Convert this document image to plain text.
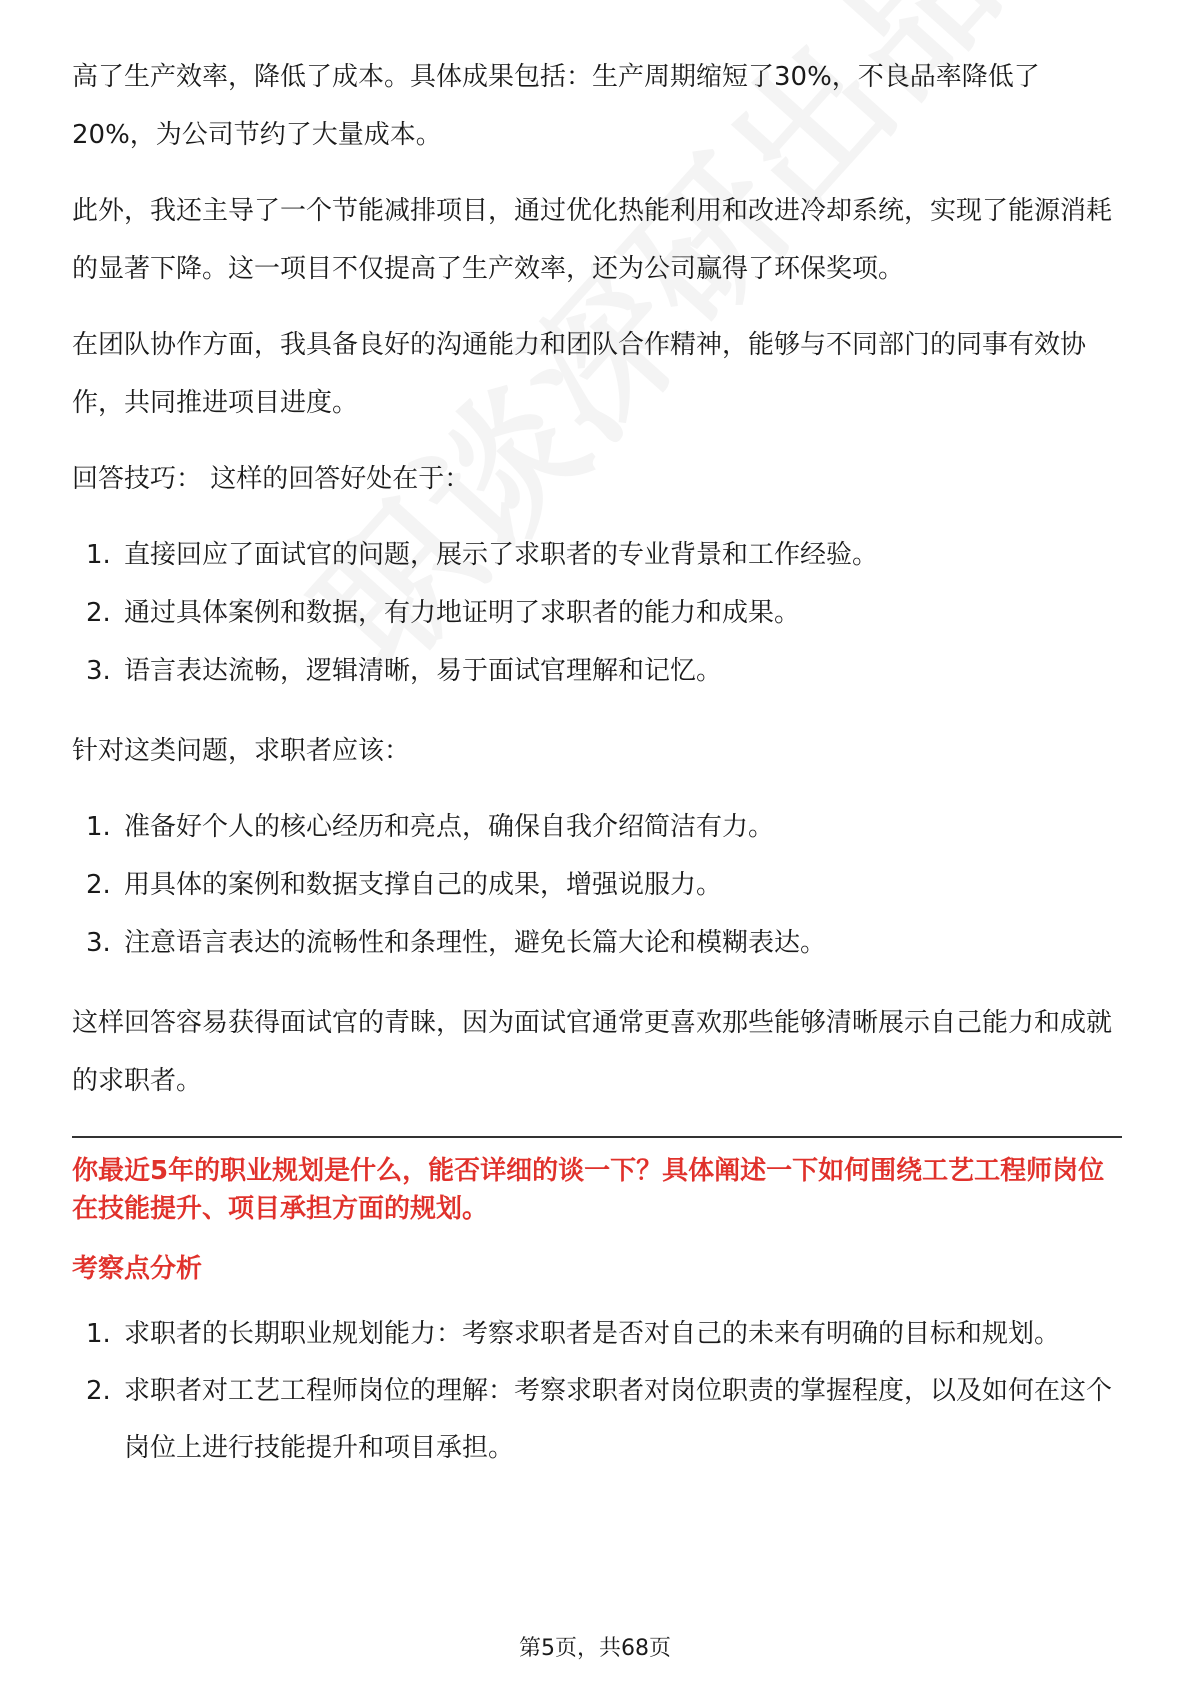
高了生产效率，降低了成本。具体成果包括：生产周期缩短了30%，不良品率降低了20%，为公司节约了大量成本。

此外，我还主导了一个节能减排项目，通过优化热能利用和改进冷却系统，实现了能源消耗的显著下降。这一项目不仅提高了生产效率，还为公司赢得了环保奖项。

在团队协作方面，我具备良好的沟通能力和团队合作精神，能够与不同部门的同事有效协作，共同推进项目进度。

回答技巧： 这样的回答好处在于：

1. 直接回应了面试官的问题，展示了求职者的专业背景和工作经验。
2. 通过具体案例和数据，有力地证明了求职者的能力和成果。
3. 语言表达流畅，逻辑清晰，易于面试官理解和记忆。

针对这类问题，求职者应该：

1. 准备好个人的核心经历和亮点，确保自我介绍简洁有力。
2. 用具体的案例和数据支撑自己的成果，增强说服力。
3. 注意语言表达的流畅性和条理性，避免长篇大论和模糊表达。

这样回答容易获得面试官的青睐，因为面试官通常更喜欢那些能够清晰展示自己能力和成就的求职者。

你最近5年的职业规划是什么，能否详细的谈一下？具体阐述一下如何围绕工艺工程师岗位在技能提升、项目承担方面的规划。
考察点分析
1. 求职者的长期职业规划能力：考察求职者是否对自己的未来有明确的目标和规划。
2. 求职者对工艺工程师岗位的理解：考察求职者对岗位职责的掌握程度，以及如何在这个岗位上进行技能提升和项目承担。
第5页，共68页
